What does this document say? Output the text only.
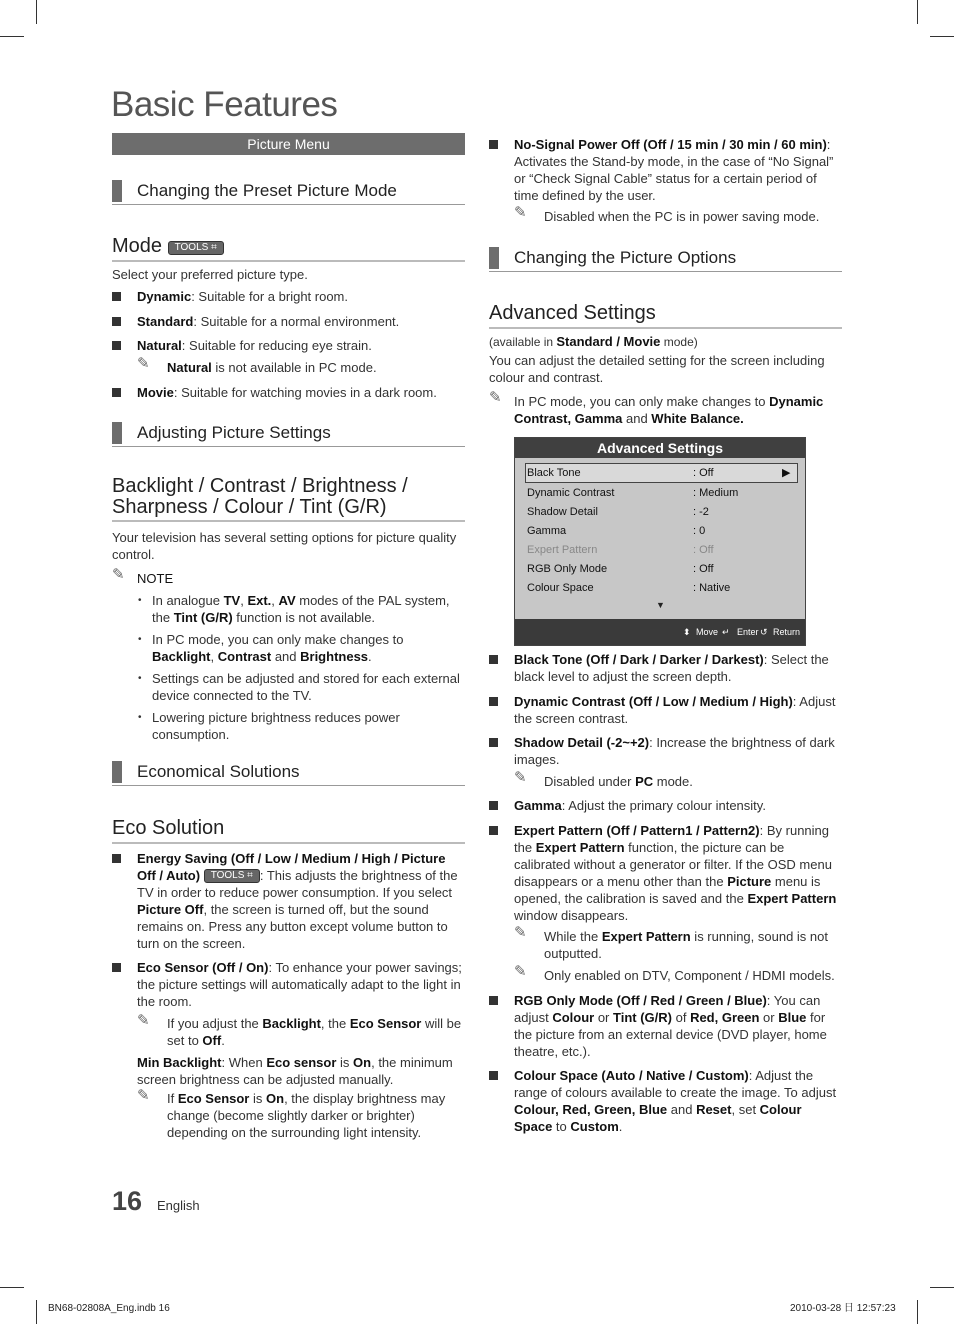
Basic Features
Picture Menu
Changing the Preset Picture Mode
Mode TOOLS ⌗
Select your preferred picture type.
Dynamic: Suitable for a bright room.
Standard: Suitable for a normal environment.
Natural: Suitable for reducing eye strain.
✎ Natural is not available in PC mode.
Movie: Suitable for watching movies in a dark room.
Adjusting Picture Settings
Backlight / Contrast / Brightness /
Sharpness / Colour / Tint (G/R)
Your television has several setting options for picture quality control.
✎ NOTE
• In analogue TV, Ext., AV modes of the PAL system, the Tint (G/R) function is not available.
• In PC mode, you can only make changes to Backlight, Contrast and Brightness.
• Settings can be adjusted and stored for each external device connected to the TV.
• Lowering picture brightness reduces power consumption.
Economical Solutions
Eco Solution
Energy Saving (Off / Low / Medium / High / Picture Off / Auto) TOOLS ⌗ : This adjusts the brightness of the TV in order to reduce power consumption. If you select Picture Off, the screen is turned off, but the sound remains on. Press any button except volume button to turn on the screen.
Eco Sensor (Off / On): To enhance your power savings; the picture settings will automatically adapt to the light in the room.
✎ If you adjust the Backlight, the Eco Sensor will be set to Off.
Min Backlight: When Eco sensor is On, the minimum screen brightness can be adjusted manually.
✎ If Eco Sensor is On, the display brightness may change (become slightly darker or brighter) depending on the surrounding light intensity.
No-Signal Power Off (Off / 15 min / 30 min / 60 min): Activates the Stand-by mode, in the case of “No Signal” or “Check Signal Cable” status for a certain period of time defined by the user.
✎ Disabled when the PC is in power saving mode.
Changing the Picture Options
Advanced Settings
(available in Standard / Movie mode)
You can adjust the detailed setting for the screen including colour and contrast.
✎ In PC mode, you can only make changes to Dynamic Contrast, Gamma and White Balance.
Advanced Settings
Black Tone	: Off	▶
Dynamic Contrast	: Medium
Shadow Detail	: -2
Gamma	: 0
Expert Pattern	: Off
RGB Only Mode	: Off
Colour Space	: Native
▼
⬍ Move ↵ Enter ↺ Return
Black Tone (Off / Dark / Darker / Darkest): Select the black level to adjust the screen depth.
Dynamic Contrast (Off / Low / Medium / High): Adjust the screen contrast.
Shadow Detail (-2~+2): Increase the brightness of dark images.
✎ Disabled under PC mode.
Gamma: Adjust the primary colour intensity.
Expert Pattern (Off / Pattern1 / Pattern2): By running the Expert Pattern function, the picture can be calibrated without a generator or filter. If the OSD menu disappears or a menu other than the Picture menu is opened, the calibration is saved and the Expert Pattern window disappears.
✎ While the Expert Pattern is running, sound is not outputted.
✎ Only enabled on DTV, Component / HDMI models.
RGB Only Mode (Off / Red / Green / Blue): You can adjust Colour or Tint (G/R) of Red, Green or Blue for the picture from an external device (DVD player, home theatre, etc.).
Colour Space (Auto / Native / Custom): Adjust the range of colours available to create the image. To adjust Colour, Red, Green, Blue and Reset, set Colour Space to Custom.
16 English
BN68-02808A_Eng.indb 16	2010-03-28 日 12:57:23
